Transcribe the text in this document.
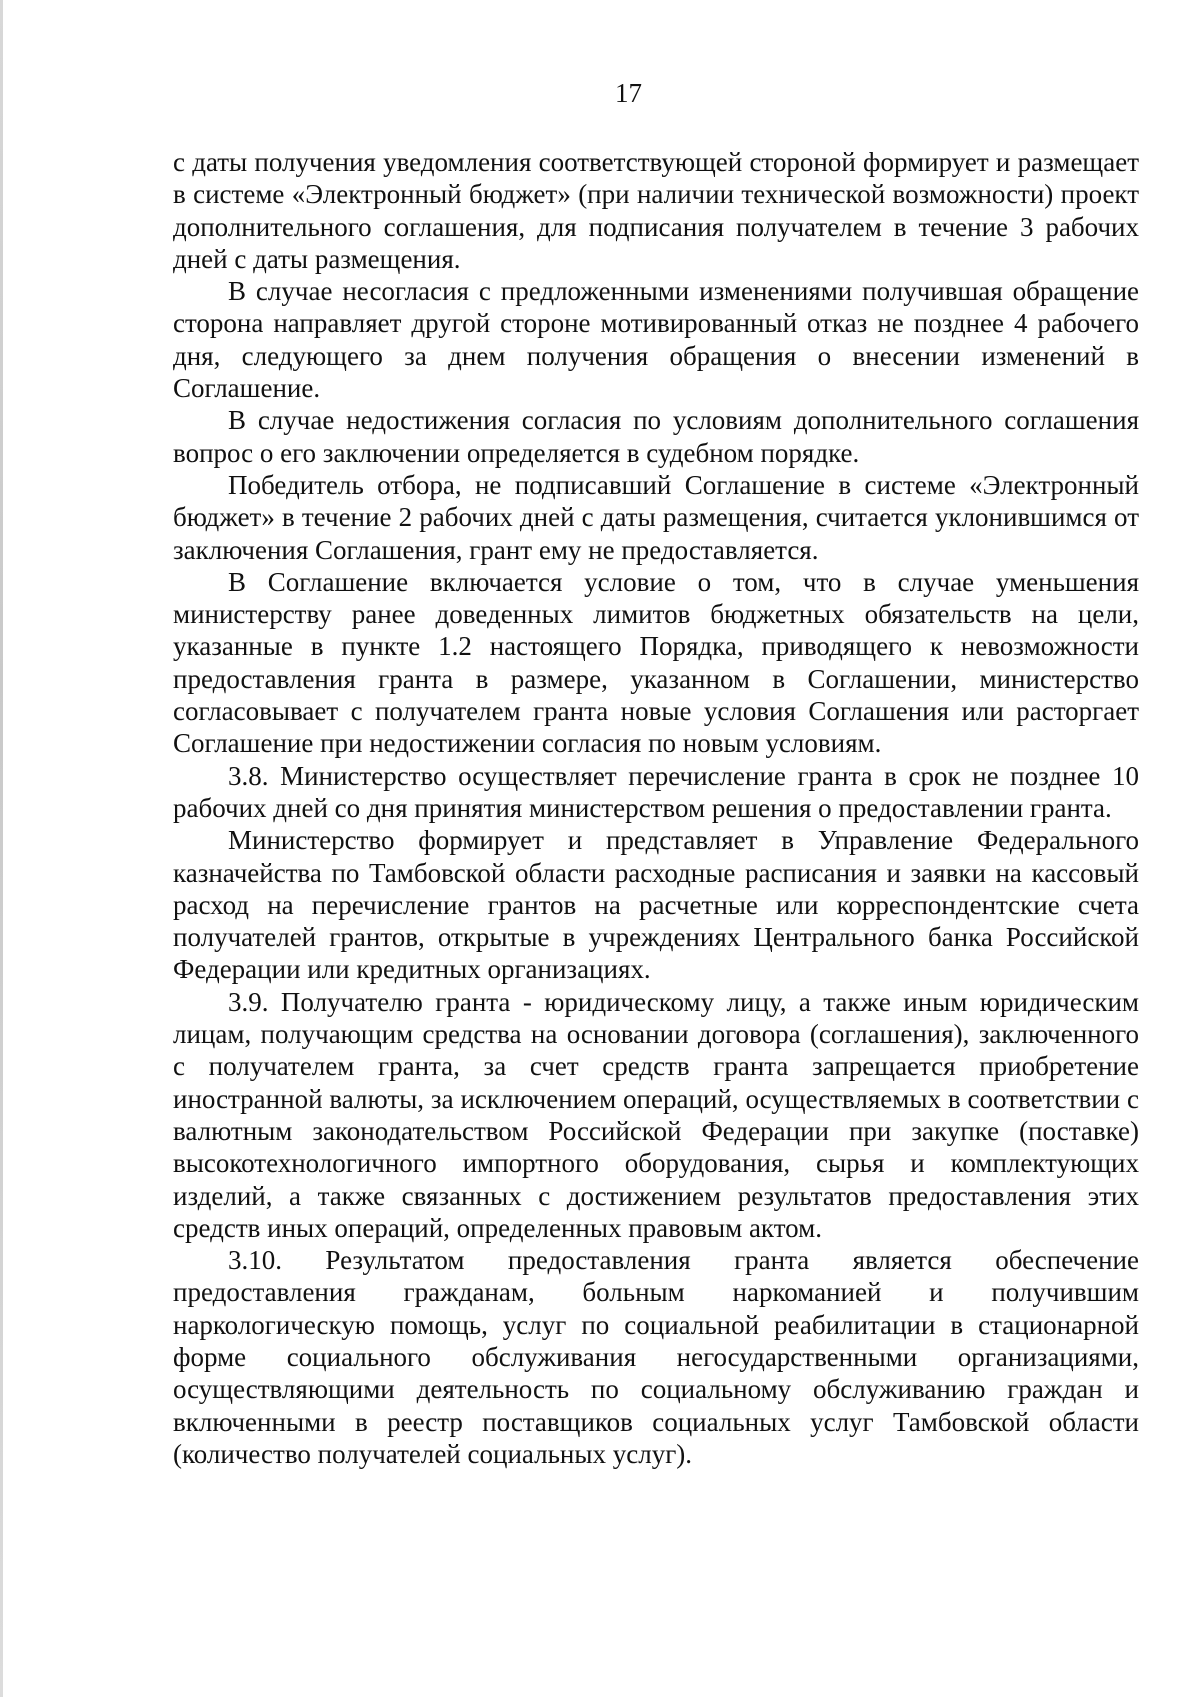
17

с даты получения уведомления соответствующей стороной формирует и размещает в системе «Электронный бюджет» (при наличии технической возможности) проект дополнительного соглашения, для подписания получателем в течение 3 рабочих дней с даты размещения.

В случае несогласия с предложенными изменениями получившая обращение сторона направляет другой стороне мотивированный отказ не позднее 4 рабочего дня, следующего за днем получения обращения о внесении изменений в Соглашение.

В случае недостижения согласия по условиям дополнительного соглашения вопрос о его заключении определяется в судебном порядке.

Победитель отбора, не подписавший Соглашение в системе «Электронный бюджет» в течение 2 рабочих дней с даты размещения, считается уклонившимся от заключения Соглашения, грант ему не предоставляется.

В Соглашение включается условие о том, что в случае уменьшения министерству ранее доведенных лимитов бюджетных обязательств на цели, указанные в пункте 1.2 настоящего Порядка, приводящего к невозможности предоставления гранта в размере, указанном в Соглашении, министерство согласовывает с получателем гранта новые условия Соглашения или расторгает Соглашение при недостижении согласия по новым условиям.

3.8. Министерство осуществляет перечисление гранта в срок не позднее 10 рабочих дней со дня принятия министерством решения о предоставлении гранта.

Министерство формирует и представляет в Управление Федерального казначейства по Тамбовской области расходные расписания и заявки на кассовый расход на перечисление грантов на расчетные или корреспондентские счета получателей грантов, открытые в учреждениях Центрального банка Российской Федерации или кредитных организациях.

3.9. Получателю гранта - юридическому лицу, а также иным юридическим лицам, получающим средства на основании договора (соглашения), заключенного с получателем гранта, за счет средств гранта запрещается приобретение иностранной валюты, за исключением операций, осуществляемых в соответствии с валютным законодательством Российской Федерации при закупке (поставке) высокотехнологичного импортного оборудования, сырья и комплектующих изделий, а также связанных с достижением результатов предоставления этих средств иных операций, определенных правовым актом.

3.10. Результатом предоставления гранта является обеспечение предоставления гражданам, больным наркоманией и получившим наркологическую помощь, услуг по социальной реабилитации в стационарной форме социального обслуживания негосударственными организациями, осуществляющими деятельность по социальному обслуживанию граждан и включенными в реестр поставщиков социальных услуг Тамбовской области (количество получателей социальных услуг).
